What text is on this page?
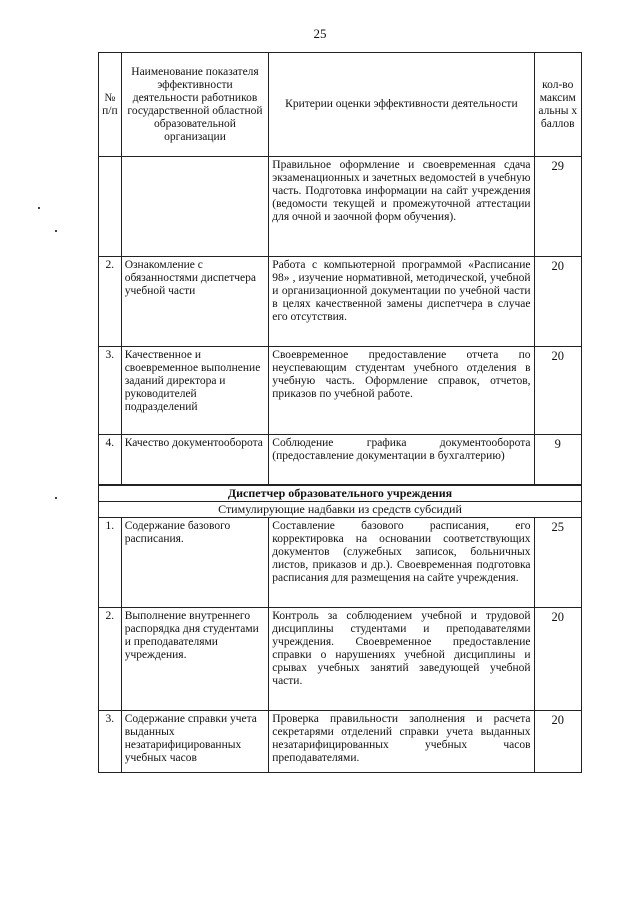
25
№ п/п	Наименование показателя эффективности деятельности работников государственной областной образовательной организации	Критерии оценки эффективности деятельности	кол-во максим альны х баллов
		Правильное оформление и своевременная сдача экзаменационных и зачетных ведомостей в учебную часть. Подготовка информации на сайт учреждения (ведомости текущей и промежуточной аттестации для очной и заочной форм обучения).	29
2.	Ознакомление с обязанностями диспетчера учебной части	Работа с компьютерной программой «Расписание 98» , изучение нормативной, методической, учебной и организационной документации по учебной части в целях качественной замены диспетчера в случае его отсутствия.	20
3.	Качественное и своевременное выполнение заданий директора и руководителей подразделений	Своевременное предоставление отчета по неуспевающим студентам учебного отделения в учебную часть. Оформление справок, отчетов, приказов по учебной работе.	20
4.	Качество документооборота	Соблюдение графика документооборота (предоставление документации в бухгалтерию)	9
Диспетчер образовательного учреждения			
Стимулирующие надбавки из средств субсидий			
1.	Содержание базового расписания.	Составление базового расписания, его корректировка на основании соответствующих документов (служебных записок, больничных листов, приказов и др.). Своевременная подготовка расписания для размещения на сайте учреждения.	25
2.	Выполнение внутреннего распорядка дня студентами и преподавателями учреждения.	Контроль за соблюдением учебной и трудовой дисциплины студентами и преподавателями учреждения. Своевременное предоставление справки о нарушениях учебной дисциплины и срывах учебных занятий заведующей учебной части.	20
3.	Содержание справки учета выданных незатарифицированных учебных часов	Проверка правильности заполнения и расчета секретарями отделений справки учета выданных незатарифицированных учебных часов преподавателями.	20
